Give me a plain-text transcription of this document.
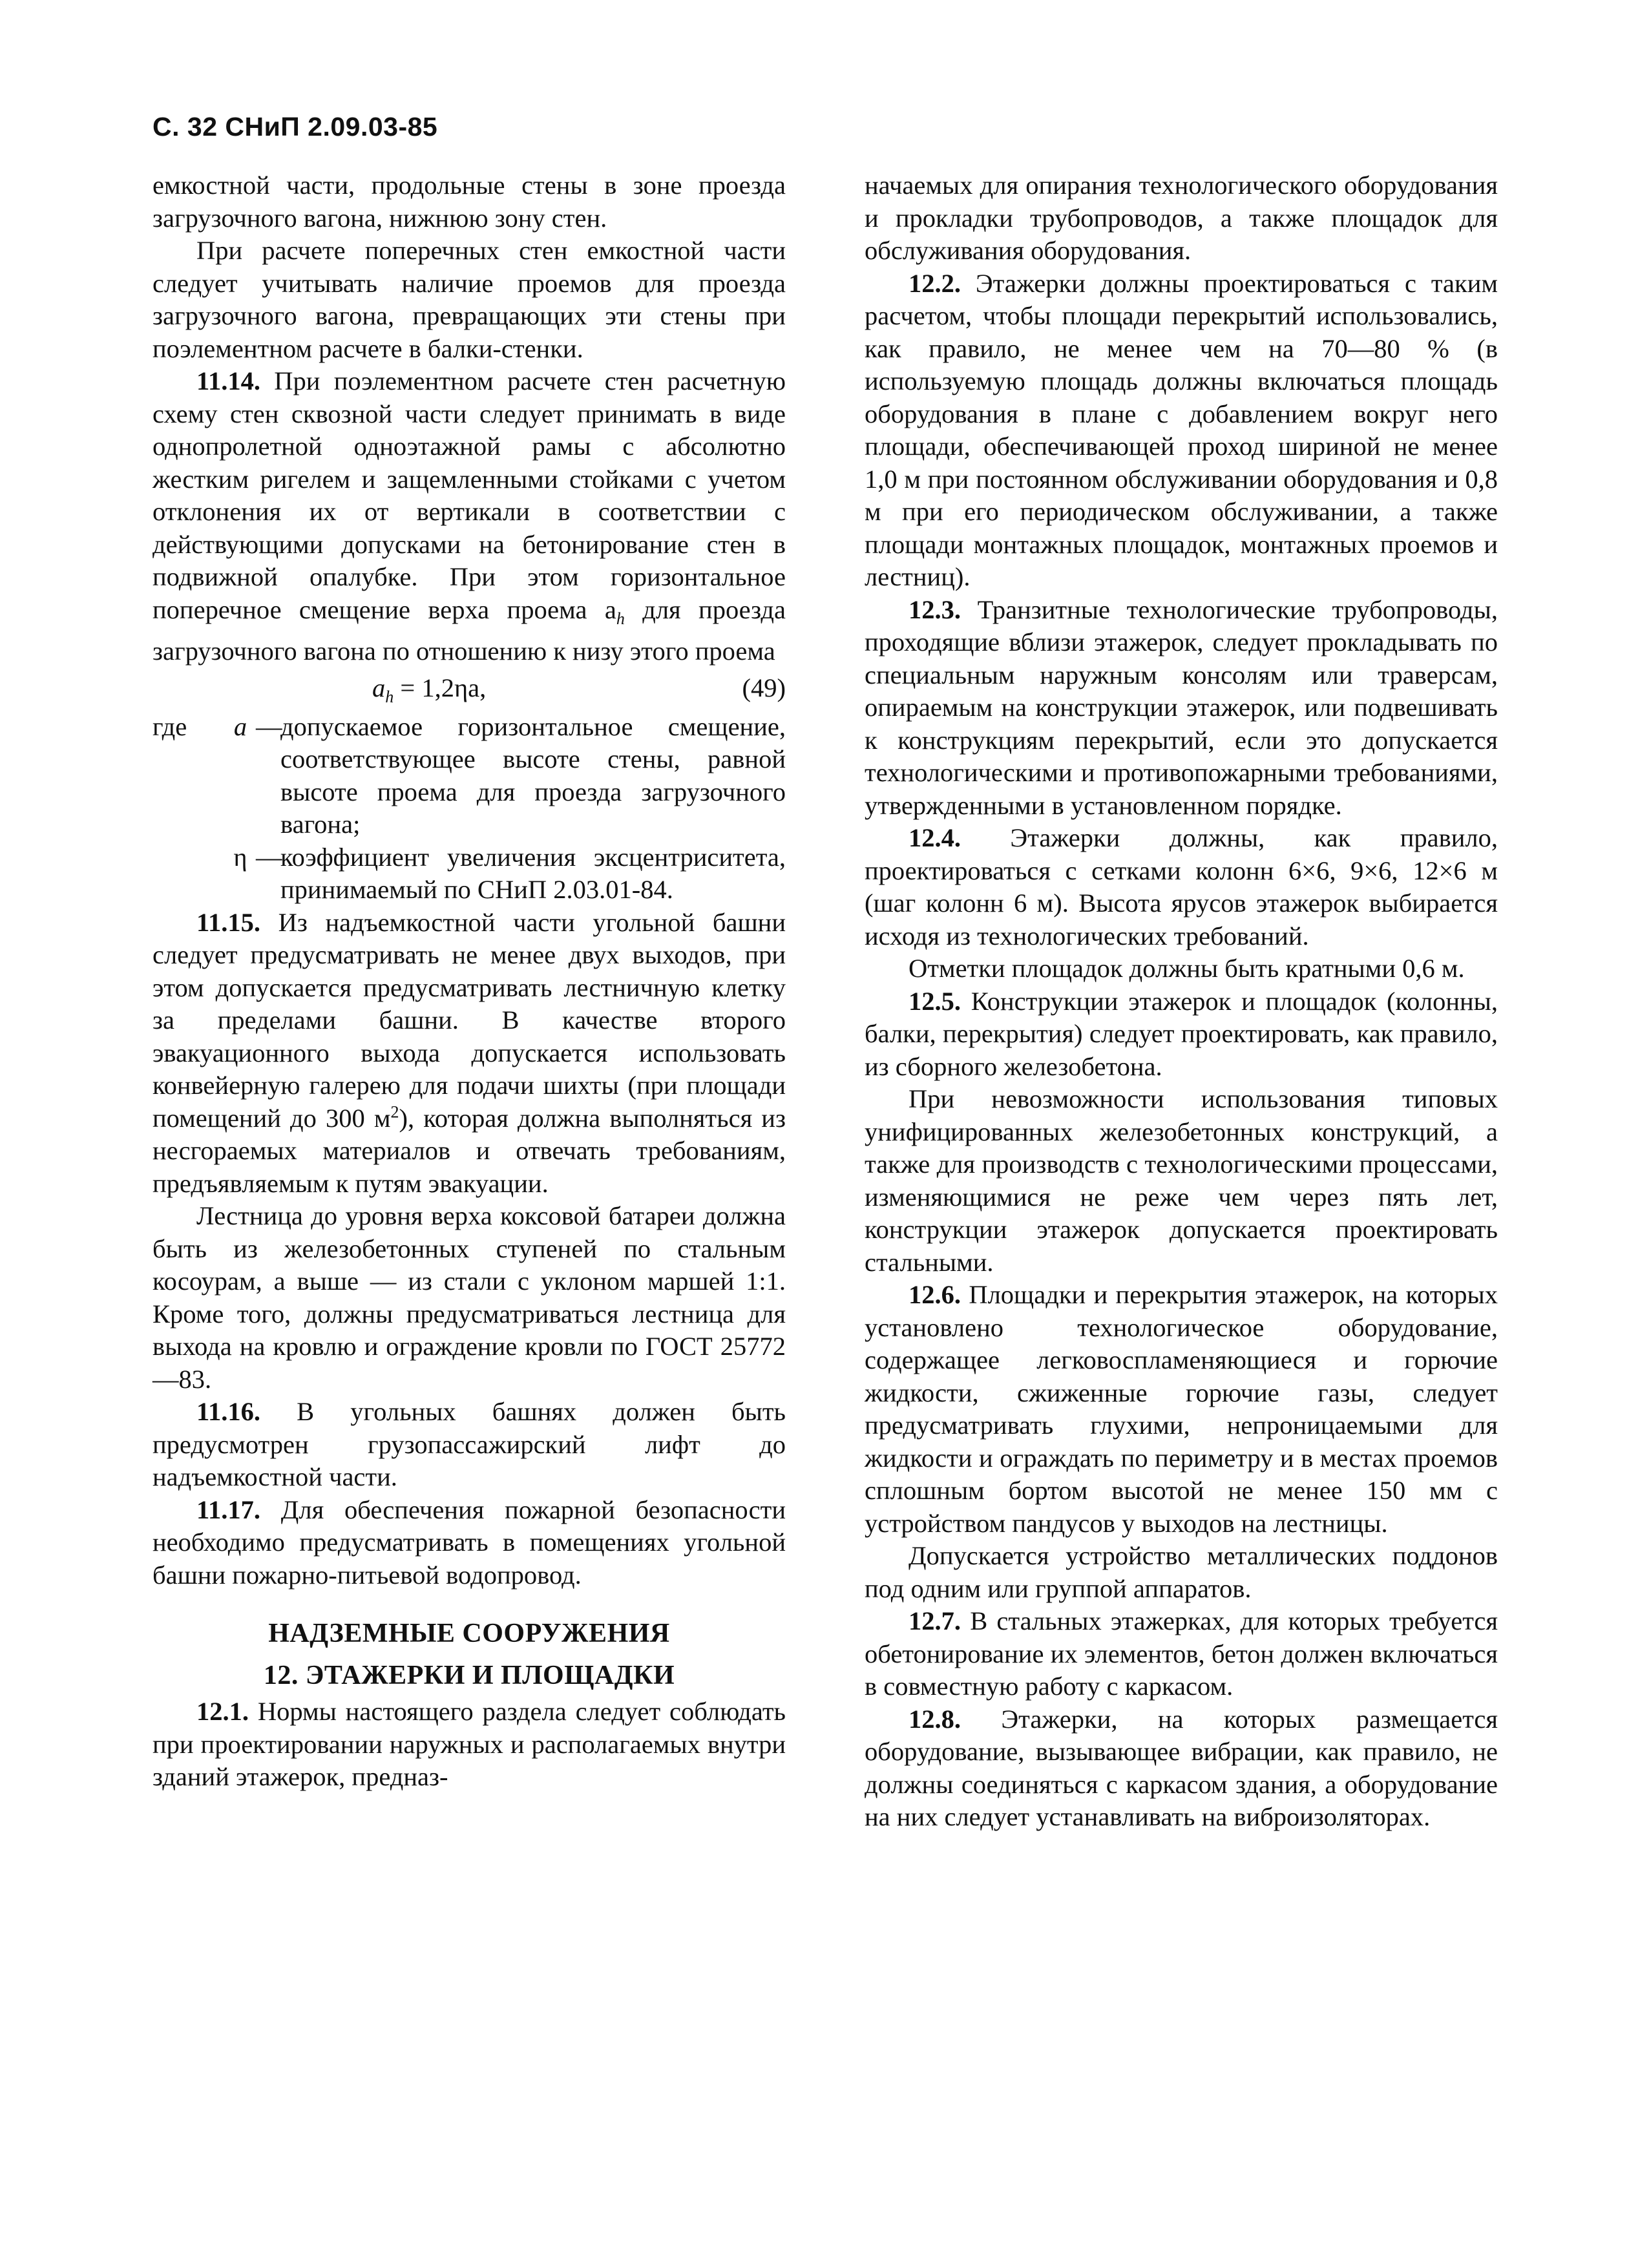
С. 32 СНиП 2.09.03-85

емкостной части, продольные стены в зоне проезда загрузочного вагона, нижнюю зону стен.

При расчете поперечных стен емкостной части следует учитывать наличие проемов для проезда загрузочного вагона, превращающих эти стены при поэлементном расчете в балки-стенки.

11.14. При поэлементном расчете стен расчетную схему стен сквозной части следует принимать в виде однопролетной одноэтажной рамы с абсолютно жестким ригелем и защемленными стойками с учетом отклонения их от вертикали в соответствии с действующими допусками на бетонирование стен в подвижной опалубке. При этом горизонтальное поперечное смещение верха проема $a_h$ для проезда загрузочного вагона по отношению к низу этого проема

$a_h = 1,2\eta a$,	(49)
где	a —
допускаемое горизонтальное смещение, соответствующее высоте стены, равной высоте проема для проезда загрузочного вагона;
η —
коэффициент увеличения эксцентриситета, принимаемый по СНиП 2.03.01-84.

11.15. Из надъемкостной части угольной башни следует предусматривать не менее двух выходов, при этом допускается предусматривать лестничную клетку за пределами башни. В качестве второго эвакуационного выхода допускается использовать конвейерную галерею для подачи шихты (при площади помещений до 300 $м^2$), которая должна выполняться из несгораемых материалов и отвечать требованиям, предъявляемым к путям эвакуации.

Лестница до уровня верха коксовой батареи должна быть из железобетонных ступеней по стальным косоурам, а выше — из стали с уклоном маршей 1:1. Кроме того, должны предусматриваться лестница для выхода на кровлю и ограждение кровли по ГОСТ 25772—83.

11.16. В угольных башнях должен быть предусмотрен грузопассажирский лифт до надъемкостной части.

11.17. Для обеспечения пожарной безопасности необходимо предусматривать в помещениях угольной башни пожарно-питьевой водопровод.

НАДЗЕМНЫЕ СООРУЖЕНИЯ
12. ЭТАЖЕРКИ И ПЛОЩАДКИ

12.1. Нормы настоящего раздела следует соблюдать при проектировании наружных и располагаемых внутри зданий этажерок, предназ-

начаемых для опирания технологического оборудования и прокладки трубопроводов, а также площадок для обслуживания оборудования.

12.2. Этажерки должны проектироваться с таким расчетом, чтобы площади перекрытий использовались, как правило, не менее чем на 70—80 % (в используемую площадь должны включаться площадь оборудования в плане с добавлением вокруг него площади, обеспечивающей проход шириной не менее 1,0 м при постоянном обслуживании оборудования и 0,8 м при его периодическом обслуживании, а также площади монтажных площадок, монтажных проемов и лестниц).

12.3. Транзитные технологические трубопроводы, проходящие вблизи этажерок, следует прокладывать по специальным наружным консолям или траверсам, опираемым на конструкции этажерок, или подвешивать к конструкциям перекрытий, если это допускается технологическими и противопожарными требованиями, утвержденными в установленном порядке.

12.4. Этажерки должны, как правило, проектироваться с сетками колонн 6×6, 9×6, 12×6 м (шаг колонн 6 м). Высота ярусов этажерок выбирается исходя из технологических требований.

Отметки площадок должны быть кратными 0,6 м.

12.5. Конструкции этажерок и площадок (колонны, балки, перекрытия) следует проектировать, как правило, из сборного железобетона.

При невозможности использования типовых унифицированных железобетонных конструкций, а также для производств с технологическими процессами, изменяющимися не реже чем через пять лет, конструкции этажерок допускается проектировать стальными.

12.6. Площадки и перекрытия этажерок, на которых установлено технологическое оборудование, содержащее легковоспламеняющиеся и горючие жидкости, сжиженные горючие газы, следует предусматривать глухими, непроницаемыми для жидкости и ограждать по периметру и в местах проемов сплошным бортом высотой не менее 150 мм с устройством пандусов у выходов на лестницы.

Допускается устройство металлических поддонов под одним или группой аппаратов.

12.7. В стальных этажерках, для которых требуется обетонирование их элементов, бетон должен включаться в совместную работу с каркасом.

12.8. Этажерки, на которых размещается оборудование, вызывающее вибрации, как правило, не должны соединяться с каркасом здания, а оборудование на них следует устанавливать на виброизоляторах.
